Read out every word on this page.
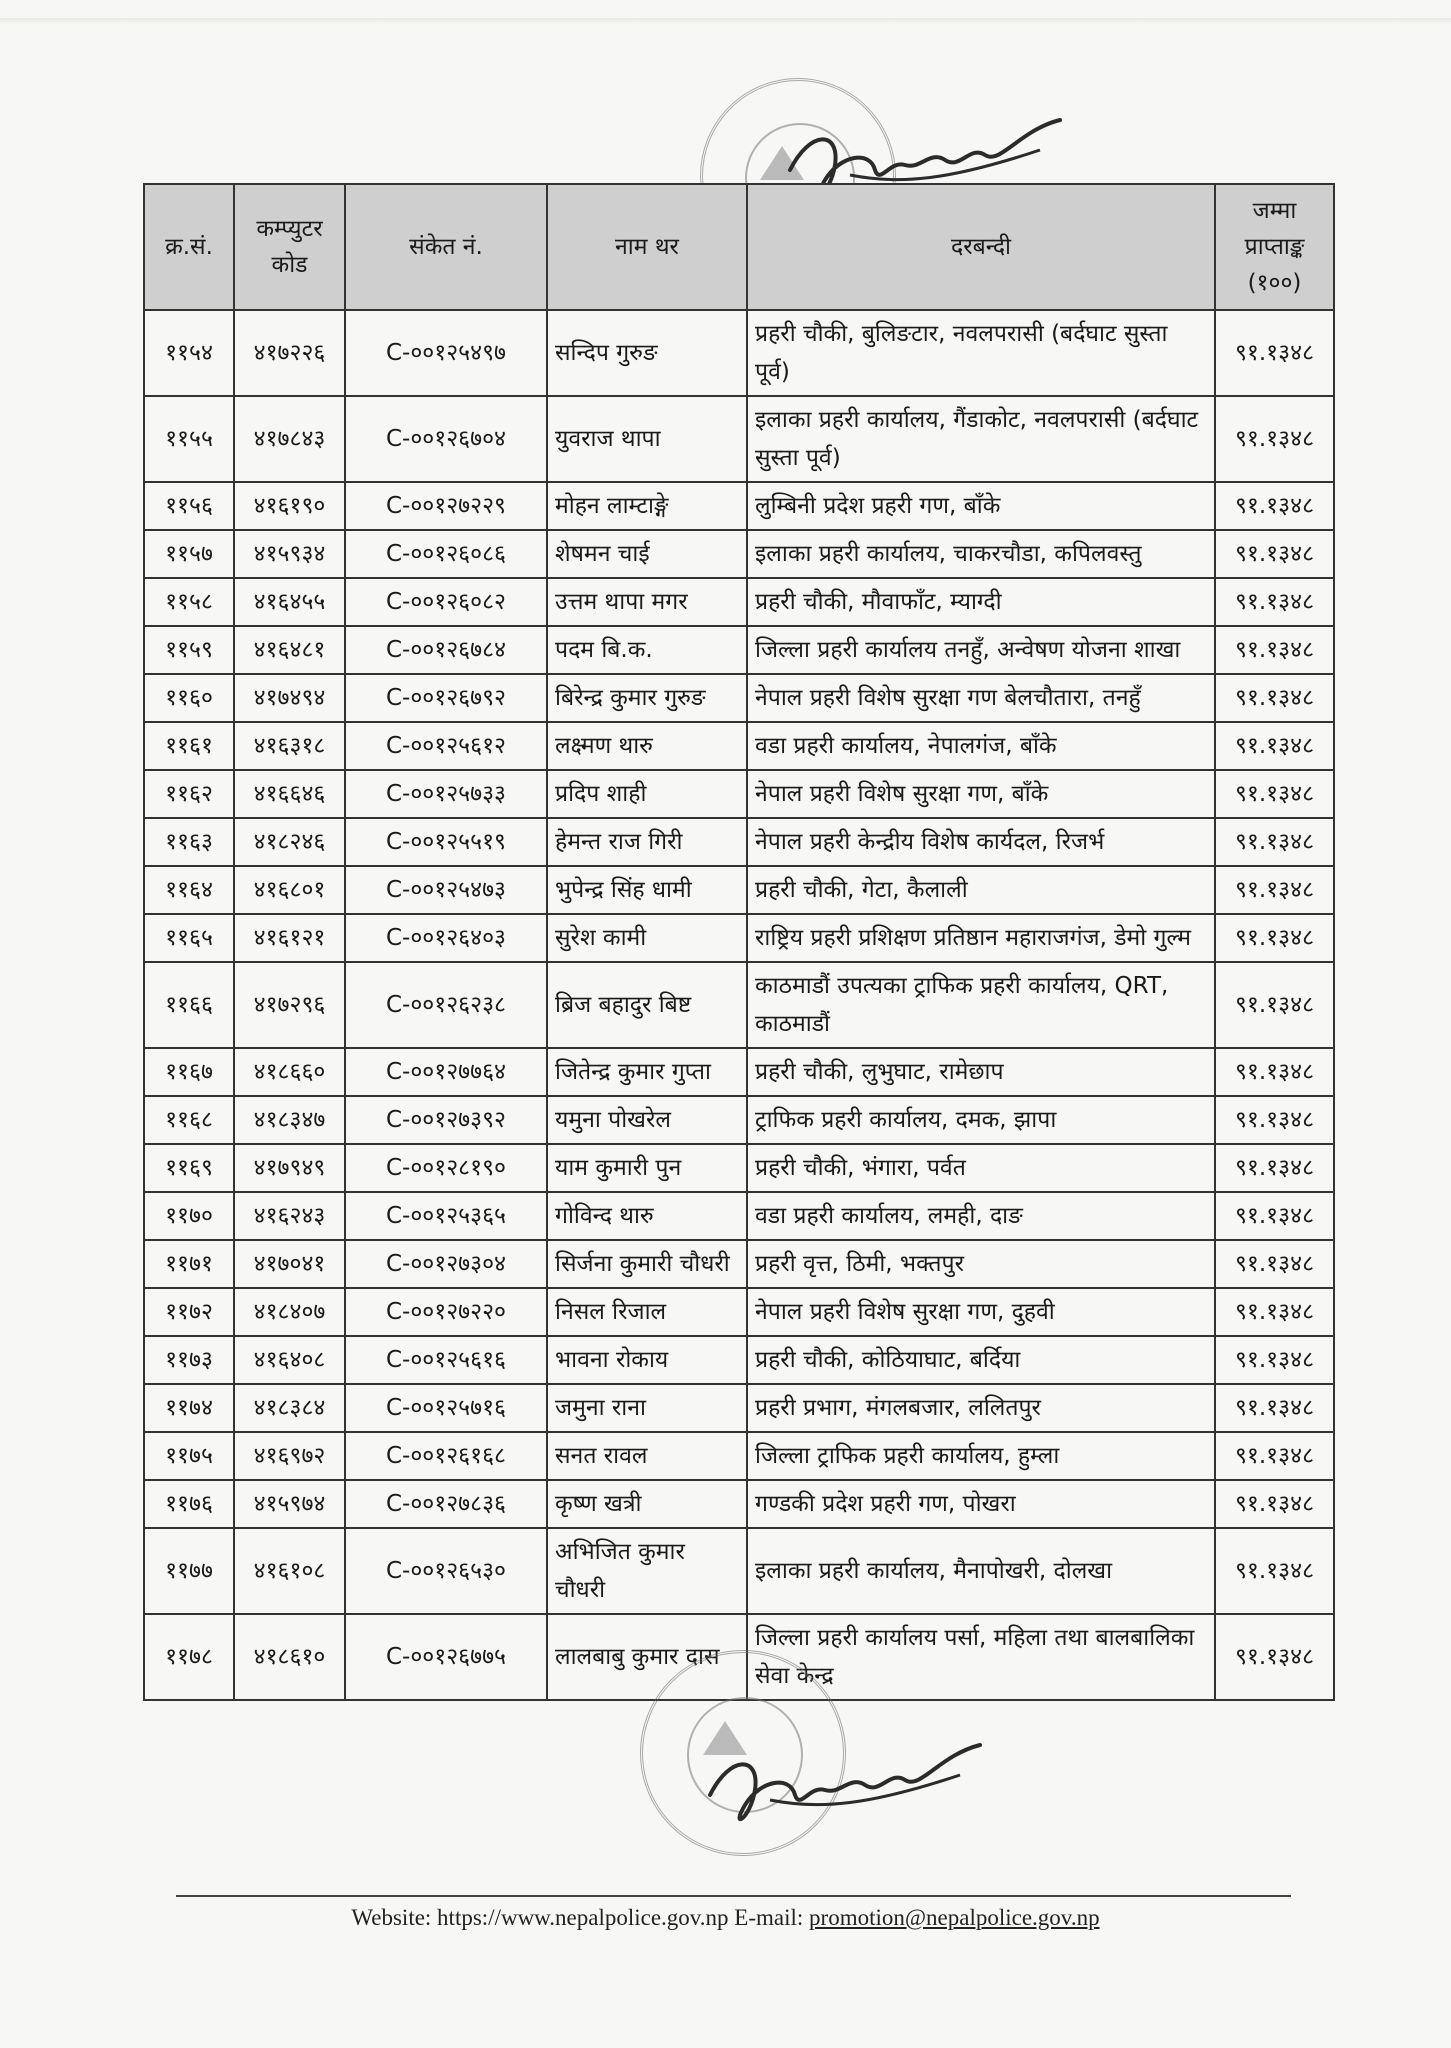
क्र.सं.	कम्प्युटर कोड	संकेत नं.	नाम थर	दरबन्दी	जम्मा प्राप्ताङ्क (१००)
११५४	४१७२२६	C-००१२५४९७	सन्दिप गुरुङ	प्रहरी चौकी, बुलिङटार, नवलपरासी (बर्दघाट सुस्ता पूर्व)	९१.१३४८
११५५	४१७८४३	C-००१२६७०४	युवराज थापा	इलाका प्रहरी कार्यालय, गैंडाकोट, नवलपरासी (बर्दघाट सुस्ता पूर्व)	९१.१३४८
११५६	४१६१९०	C-००१२७२२९	मोहन लाम्टाङ्गे	लुम्बिनी प्रदेश प्रहरी गण, बाँके	९१.१३४८
११५७	४१५९३४	C-००१२६०८६	शेषमन चाई	इलाका प्रहरी कार्यालय, चाकरचौडा, कपिलवस्तु	९१.१३४८
११५८	४१६४५५	C-००१२६०८२	उत्तम थापा मगर	प्रहरी चौकी, मौवाफाँट, म्याग्दी	९१.१३४८
११५९	४१६४८१	C-००१२६७८४	पदम बि.क.	जिल्ला प्रहरी कार्यालय तनहुँ, अन्वेषण योजना शाखा	९१.१३४८
११६०	४१७४९४	C-००१२६७९२	बिरेन्द्र कुमार गुरुङ	नेपाल प्रहरी विशेष सुरक्षा गण बेलचौतारा, तनहुँ	९१.१३४८
११६१	४१६३१८	C-००१२५६१२	लक्ष्मण थारु	वडा प्रहरी कार्यालय, नेपालगंज, बाँके	९१.१३४८
११६२	४१६६४६	C-००१२५७३३	प्रदिप शाही	नेपाल प्रहरी विशेष सुरक्षा गण, बाँके	९१.१३४८
११६३	४१८२४६	C-००१२५५१९	हेमन्त राज गिरी	नेपाल प्रहरी केन्द्रीय विशेष कार्यदल, रिजर्भ	९१.१३४८
११६४	४१६८०१	C-००१२५४७३	भुपेन्द्र सिंह धामी	प्रहरी चौकी, गेटा, कैलाली	९१.१३४८
११६५	४१६१२१	C-००१२६४०३	सुरेश कामी	राष्ट्रिय प्रहरी प्रशिक्षण प्रतिष्ठान महाराजगंज, डेमो गुल्म	९१.१३४८
११६६	४१७२९६	C-००१२६२३८	ब्रिज बहादुर बिष्ट	काठमाडौं उपत्यका ट्राफिक प्रहरी कार्यालय, QRT, काठमाडौं	९१.१३४८
११६७	४१८६६०	C-००१२७७६४	जितेन्द्र कुमार गुप्ता	प्रहरी चौकी, लुभुघाट, रामेछाप	९१.१३४८
११६८	४१८३४७	C-००१२७३९२	यमुना पोखरेल	ट्राफिक प्रहरी कार्यालय, दमक, झापा	९१.१३४८
११६९	४१७९४९	C-००१२८१९०	याम कुमारी पुन	प्रहरी चौकी, भंगारा, पर्वत	९१.१३४८
११७०	४१६२४३	C-००१२५३६५	गोविन्द थारु	वडा प्रहरी कार्यालय, लमही, दाङ	९१.१३४८
११७१	४१७०४१	C-००१२७३०४	सिर्जना कुमारी चौधरी	प्रहरी वृत्त, ठिमी, भक्तपुर	९१.१३४८
११७२	४१८४०७	C-००१२७२२०	निसल रिजाल	नेपाल प्रहरी विशेष सुरक्षा गण, दुहवी	९१.१३४८
११७३	४१६४०८	C-००१२५६१६	भावना रोकाय	प्रहरी चौकी, कोठियाघाट, बर्दिया	९१.१३४८
११७४	४१८३८४	C-००१२५७१६	जमुना राना	प्रहरी प्रभाग, मंगलबजार, ललितपुर	९१.१३४८
११७५	४१६९७२	C-००१२६१६८	सनत रावल	जिल्ला ट्राफिक प्रहरी कार्यालय, हुम्ला	९१.१३४८
११७६	४१५९७४	C-००१२७८३६	कृष्ण खत्री	गण्डकी प्रदेश प्रहरी गण, पोखरा	९१.१३४८
११७७	४१६१०८	C-००१२६५३०	अभिजित कुमार चौधरी	इलाका प्रहरी कार्यालय, मैनापोखरी, दोलखा	९१.१३४८
११७८	४१८६१०	C-००१२६७७५	लालबाबु कुमार दास	जिल्ला प्रहरी कार्यालय पर्सा, महिला तथा बालबालिका सेवा केन्द्र	९१.१३४८
Website: https://www.nepalpolice.gov.np E-mail: promotion@nepalpolice.gov.np
